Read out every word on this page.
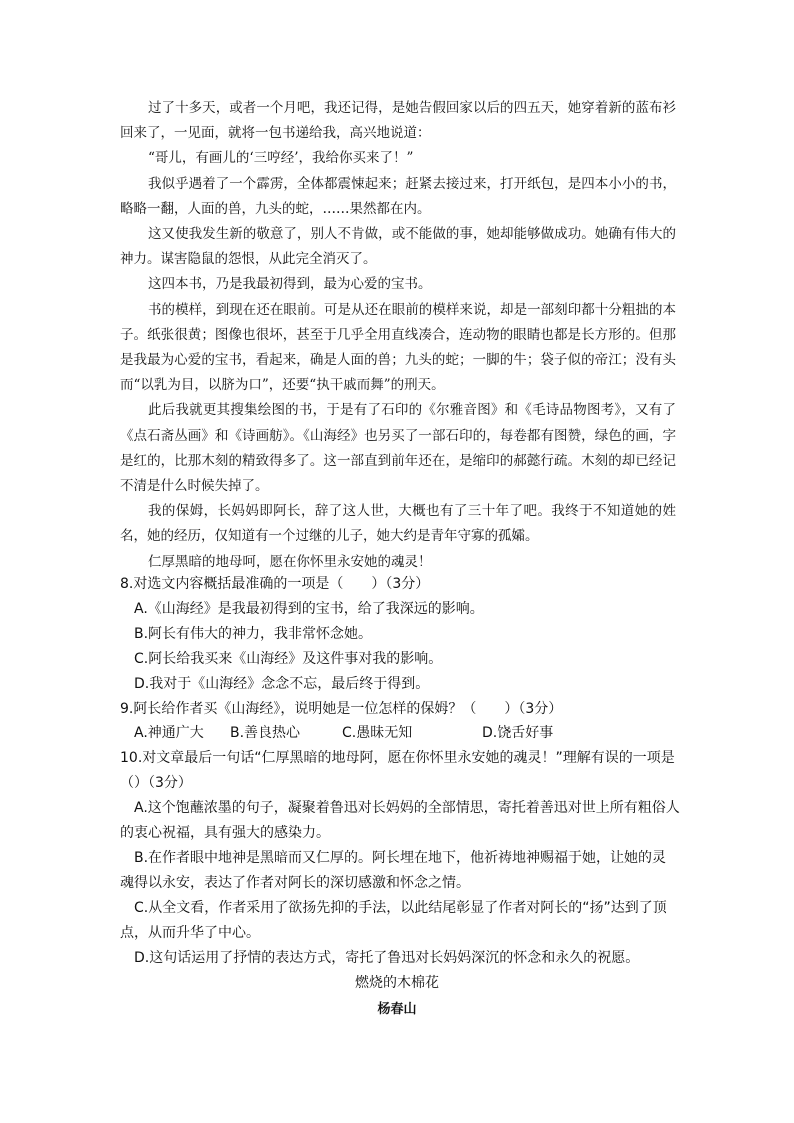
过了十多天，或者一个月吧，我还记得，是她告假回家以后的四五天，她穿着新的蓝布衫回来了，一见面，就将一包书递给我，高兴地说道：

“哥儿，有画儿的‘三哼经’，我给你买来了！”

我似乎遇着了一个霹雳，全体都震悚起来；赶紧去接过来，打开纸包，是四本小小的书，略略一翻，人面的兽，九头的蛇，……果然都在内。

这又使我发生新的敬意了，别人不肯做，或不能做的事，她却能够做成功。她确有伟大的神力。谋害隐鼠的怨恨，从此完全消灭了。

这四本书，乃是我最初得到，最为心爱的宝书。

书的模样，到现在还在眼前。可是从还在眼前的模样来说，却是一部刻印都十分粗拙的本子。纸张很黄；图像也很坏，甚至于几乎全用直线凑合，连动物的眼睛也都是长方形的。但那是我最为心爱的宝书，看起来，确是人面的兽；九头的蛇；一脚的牛；袋子似的帝江；没有头而“以乳为目，以脐为口”，还要“执干戚而舞”的刑天。

此后我就更其搜集绘图的书，于是有了石印的《尔雅音图》和《毛诗品物图考》，又有了《点石斋丛画》和《诗画舫》。《山海经》也另买了一部石印的，每卷都有图赞，绿色的画，字是红的，比那木刻的精致得多了。这一部直到前年还在，是缩印的郝懿行疏。木刻的却已经记不清是什么时候失掉了。

我的保姆，长妈妈即阿长，辞了这人世，大概也有了三十年了吧。我终于不知道她的姓名，她的经历，仅知道有一个过继的儿子，她大约是青年守寡的孤孀。

仁厚黑暗的地母呵，愿在你怀里永安她的魂灵！

8.对选文内容概括最准确的一项是（　　）（3分）

A.《山海经》是我最初得到的宝书，给了我深远的影响。

B.阿长有伟大的神力，我非常怀念她。

C.阿长给我买来《山海经》及这件事对我的影响。

D.我对于《山海经》念念不忘，最后终于得到。

9.阿长给作者买《山海经》，说明她是一位怎样的保姆？（　　）（3分）

A.神通广大	B.善良热心	C.愚昧无知	D.饶舌好事

10.对文章最后一句话“仁厚黑暗的地母阿，愿在你怀里永安她的魂灵！”理解有误的一项是（）（3分）

A.这个饱蘸浓墨的句子，凝聚着鲁迅对长妈妈的全部情思，寄托着善迅对世上所有粗俗人的衷心祝福，具有强大的感染力。

B.在作者眼中地神是黑暗而又仁厚的。阿长埋在地下，他祈祷地神赐福于她，让她的灵魂得以永安，表达了作者对阿长的深切感激和怀念之情。

C.从全文看，作者采用了欲扬先抑的手法，以此结尾彰显了作者对阿长的“扬”达到了顶点，从而升华了中心。

D.这句话运用了抒情的表达方式，寄托了鲁迅对长妈妈深沉的怀念和永久的祝愿。

燃烧的木棉花
杨春山
